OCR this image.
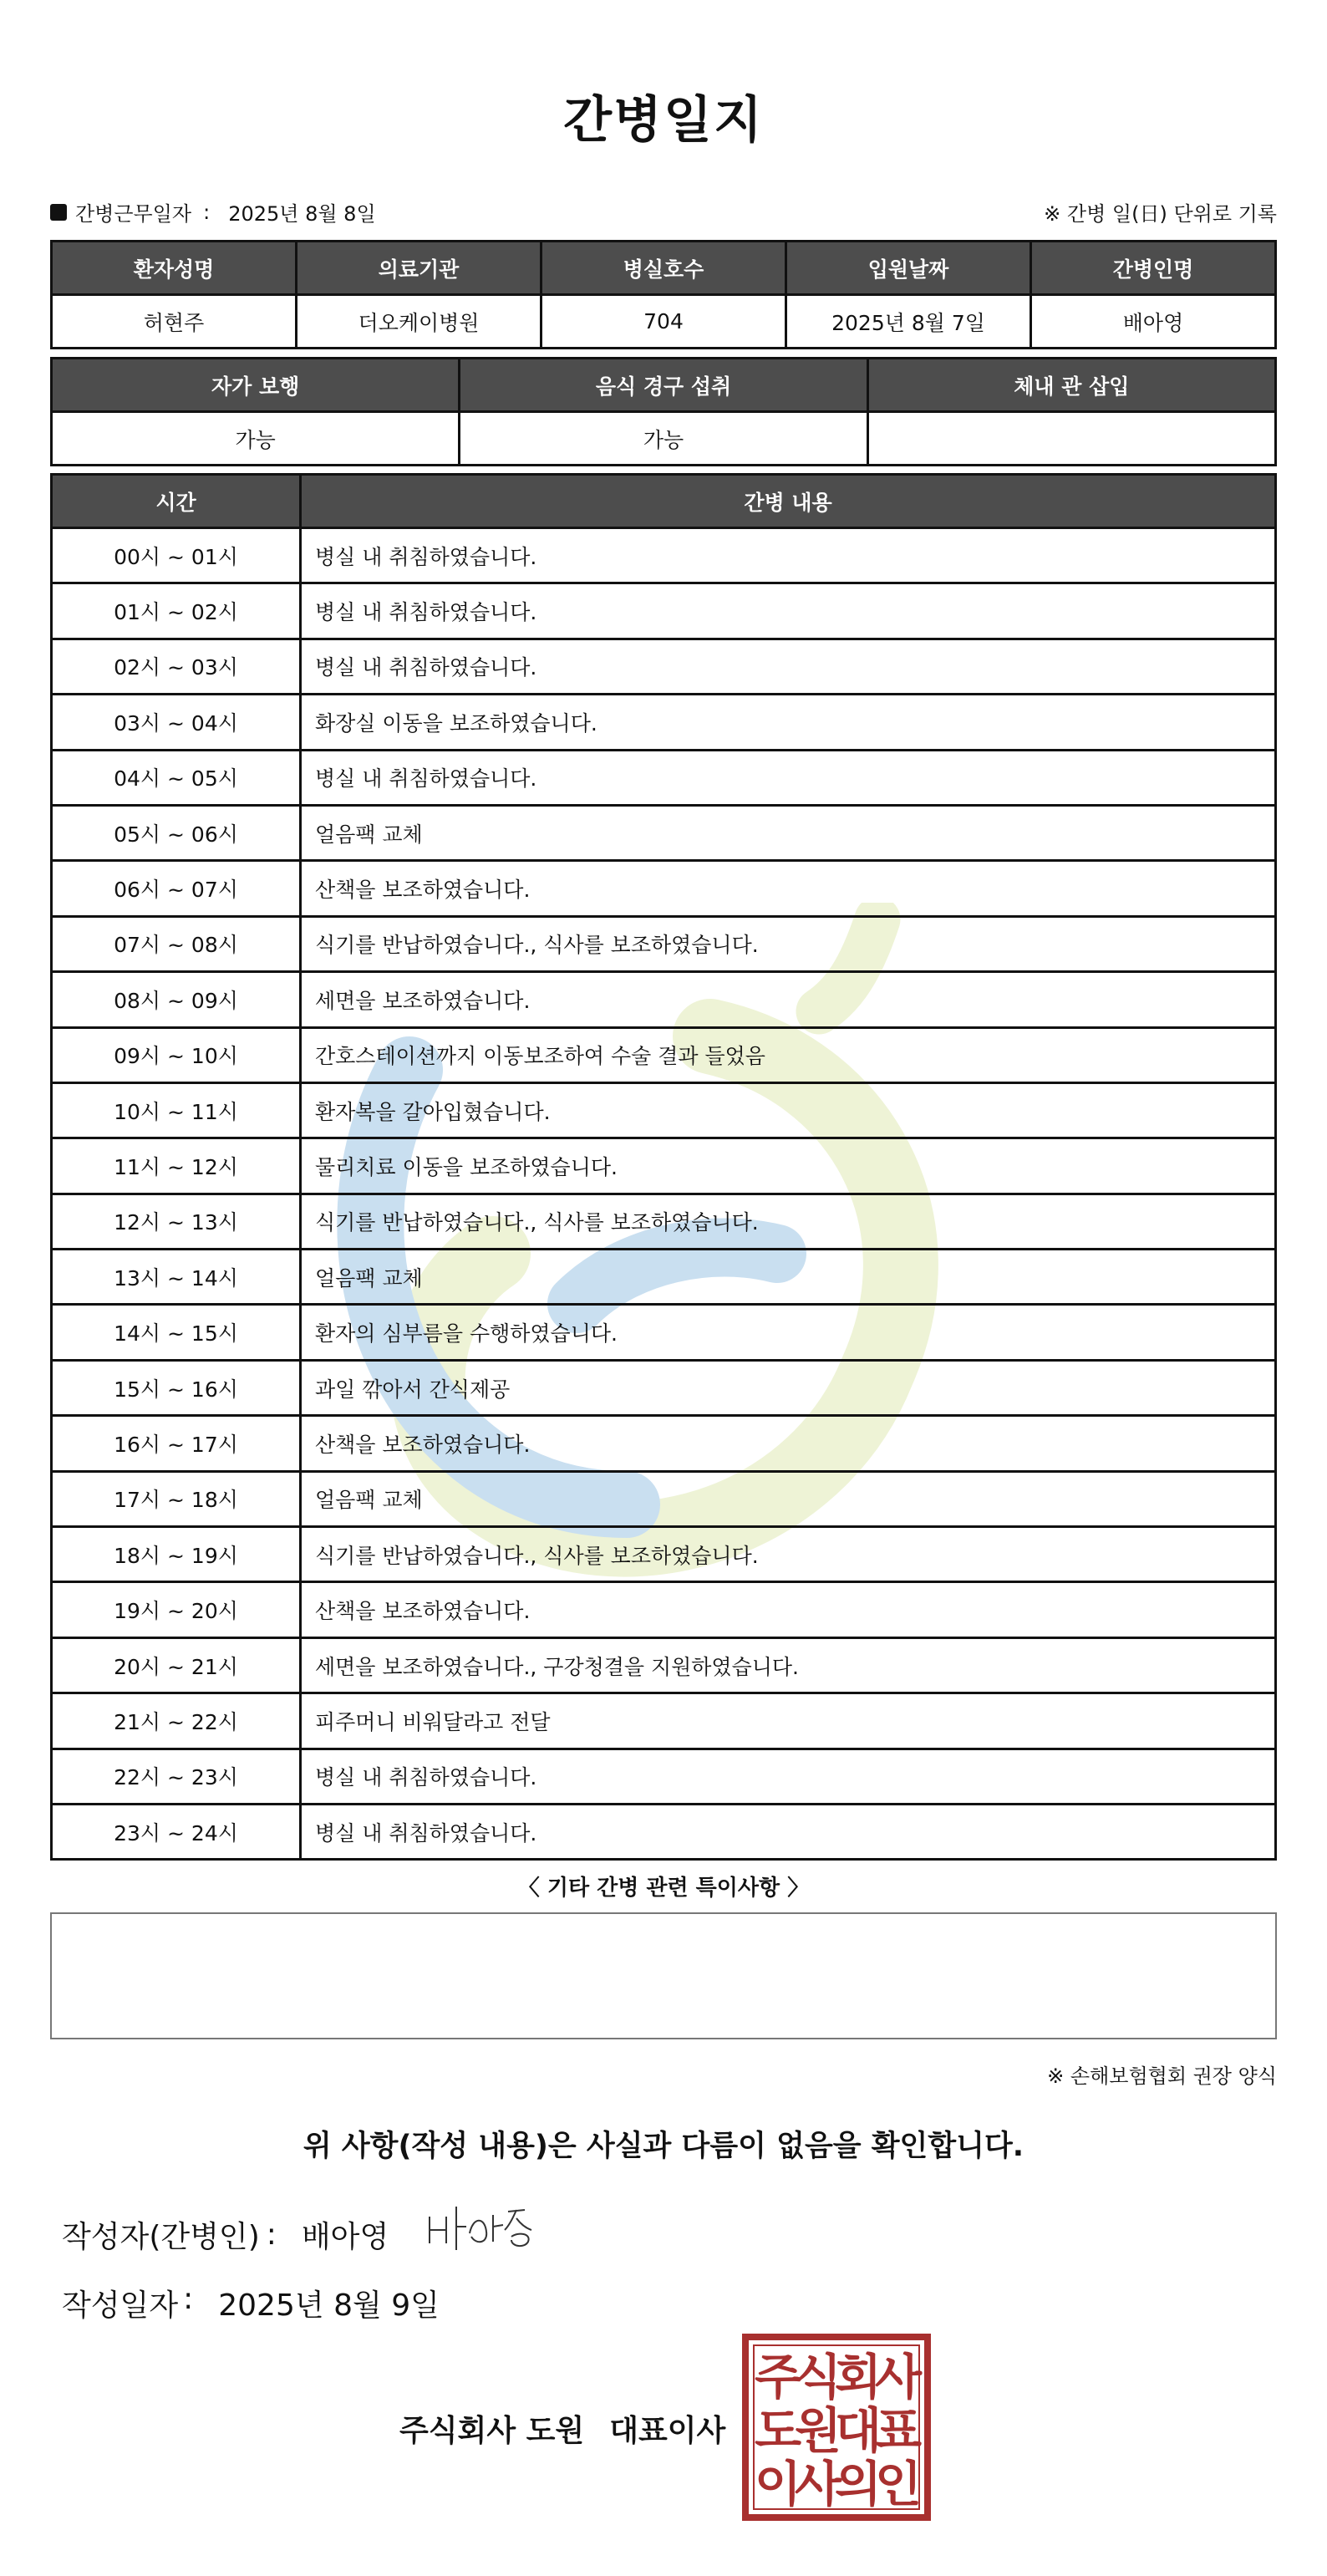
간병일지
간병근무일자 : 2025년 8월 8일	※ 간병 일(日) 단위로 기록
환자성명	의료기관	병실호수	입원날짜	간병인명
허현주	더오케이병원	704	2025년 8월 7일	배아영
자가 보행	음식 경구 섭취	체내 관 삽입
가능	가능	
시간	간병 내용
00시 ~ 01시	병실 내 취침하였습니다.
01시 ~ 02시	병실 내 취침하였습니다.
02시 ~ 03시	병실 내 취침하였습니다.
03시 ~ 04시	화장실 이동을 보조하였습니다.
04시 ~ 05시	병실 내 취침하였습니다.
05시 ~ 06시	얼음팩 교체
06시 ~ 07시	산책을 보조하였습니다.
07시 ~ 08시	식기를 반납하였습니다., 식사를 보조하였습니다.
08시 ~ 09시	세면을 보조하였습니다.
09시 ~ 10시	간호스테이션까지 이동보조하여 수술 결과 들었음
10시 ~ 11시	환자복을 갈아입혔습니다.
11시 ~ 12시	물리치료 이동을 보조하였습니다.
12시 ~ 13시	식기를 반납하였습니다., 식사를 보조하였습니다.
13시 ~ 14시	얼음팩 교체
14시 ~ 15시	환자의 심부름을 수행하였습니다.
15시 ~ 16시	과일 깎아서 간식제공
16시 ~ 17시	산책을 보조하였습니다.
17시 ~ 18시	얼음팩 교체
18시 ~ 19시	식기를 반납하였습니다., 식사를 보조하였습니다.
19시 ~ 20시	산책을 보조하였습니다.
20시 ~ 21시	세면을 보조하였습니다., 구강청결을 지원하였습니다.
21시 ~ 22시	피주머니 비워달라고 전달
22시 ~ 23시	병실 내 취침하였습니다.
23시 ~ 24시	병실 내 취침하였습니다.
〈 기타 간병 관련 특이사항 〉
※ 손해보험협회 권장 양식
위 사항(작성 내용)은 사실과 다름이 없음을 확인합니다.
작성자(간병인) : 배아영
작성일자 : 2025년 8월 9일
주식회사 도원 대표이사
주
식
회
사
도
원
대
표
이
사
의
인
